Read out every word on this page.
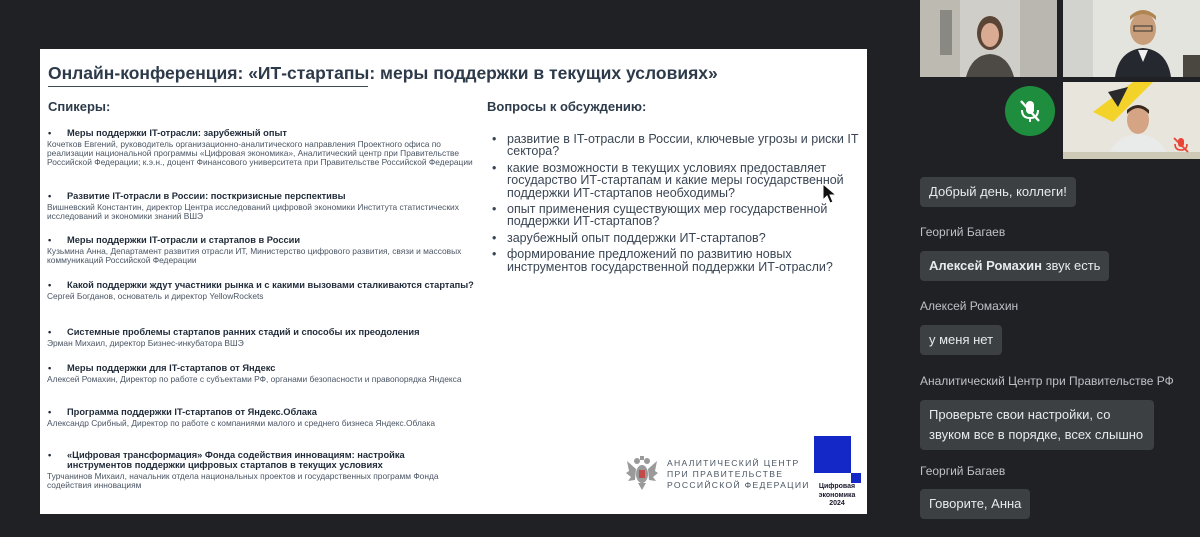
Онлайн-конференция: «ИТ-стартапы: меры поддержки в текущих условиях»
Спикеры:	Вопросы к обсуждению:
•	Меры поддержки IT-отрасли: зарубежный опыт
Кочетков Евгений, руководитель организационно-аналитического направления Проектного офиса по реализации национальной программы «Цифровая экономика», Аналитический центр при Правительстве Российской Федерации; к.э.н., доцент Финансового университета при Правительстве Российской Федерации
•	Развитие IT-отрасли в России: посткризисные перспективы
Вишневский Константин, директор Центра исследований цифровой экономики Института статистических исследований и экономики знаний ВШЭ
•	Меры поддержки IT-отрасли и стартапов в России
Кузьмина Анна, Департамент развития отрасли ИТ, Министерство цифрового развития, связи и массовых коммуникаций Российской Федерации
•	Какой поддержки ждут участники рынка и с какими вызовами сталкиваются стартапы?
Сергей Богданов, основатель и директор YellowRockets
•	Системные проблемы стартапов ранних стадий и способы их преодоления
Эрман Михаил, директор Бизнес-инкубатора ВШЭ
•	Меры поддержки для IT-стартапов от Яндекс
Алексей Ромахин, Директор по работе с субъектами РФ, органами безопасности и правопорядка Яндекса
•	Программа поддержки IT-стартапов от Яндекс.Облака
Александр Срибный, Директор по работе с компаниями малого и среднего бизнеса Яндекс.Облака
•	«Цифровая трансформация» Фонда содействия инновациям: настройка инструментов поддержки цифровых стартапов в текущих условиях
Турчанинов Михаил, начальник отдела национальных проектов и государственных программ Фонда содействия инновациям
• развитие в IT-отрасли в России, ключевые угрозы и риски IT сектора?
• какие возможности в текущих условиях предоставляет государство ИТ-стартапам и какие меры государственной поддержки ИТ-стартапов необходимы?
• опыт применения существующих мер государственной поддержки ИТ-стартапов?
• зарубежный опыт поддержки ИТ-стартапов?
• формирование предложений по развитию новых инструментов государственной поддержки ИТ-отрасли?
АНАЛИТИЧЕСКИЙ ЦЕНТР
ПРИ ПРАВИТЕЛЬСТВЕ
РОССИЙСКОЙ ФЕДЕРАЦИИ	Цифровая
экономика
2024
Добрый день, коллеги!
Георгий Багаев
Алексей Ромахин звук есть
Алексей Ромахин
у меня нет
Аналитический Центр при Правительстве РФ
Проверьте свои настройки, со звуком все в порядке, всех слышно
Георгий Багаев
Говорите, Анна
